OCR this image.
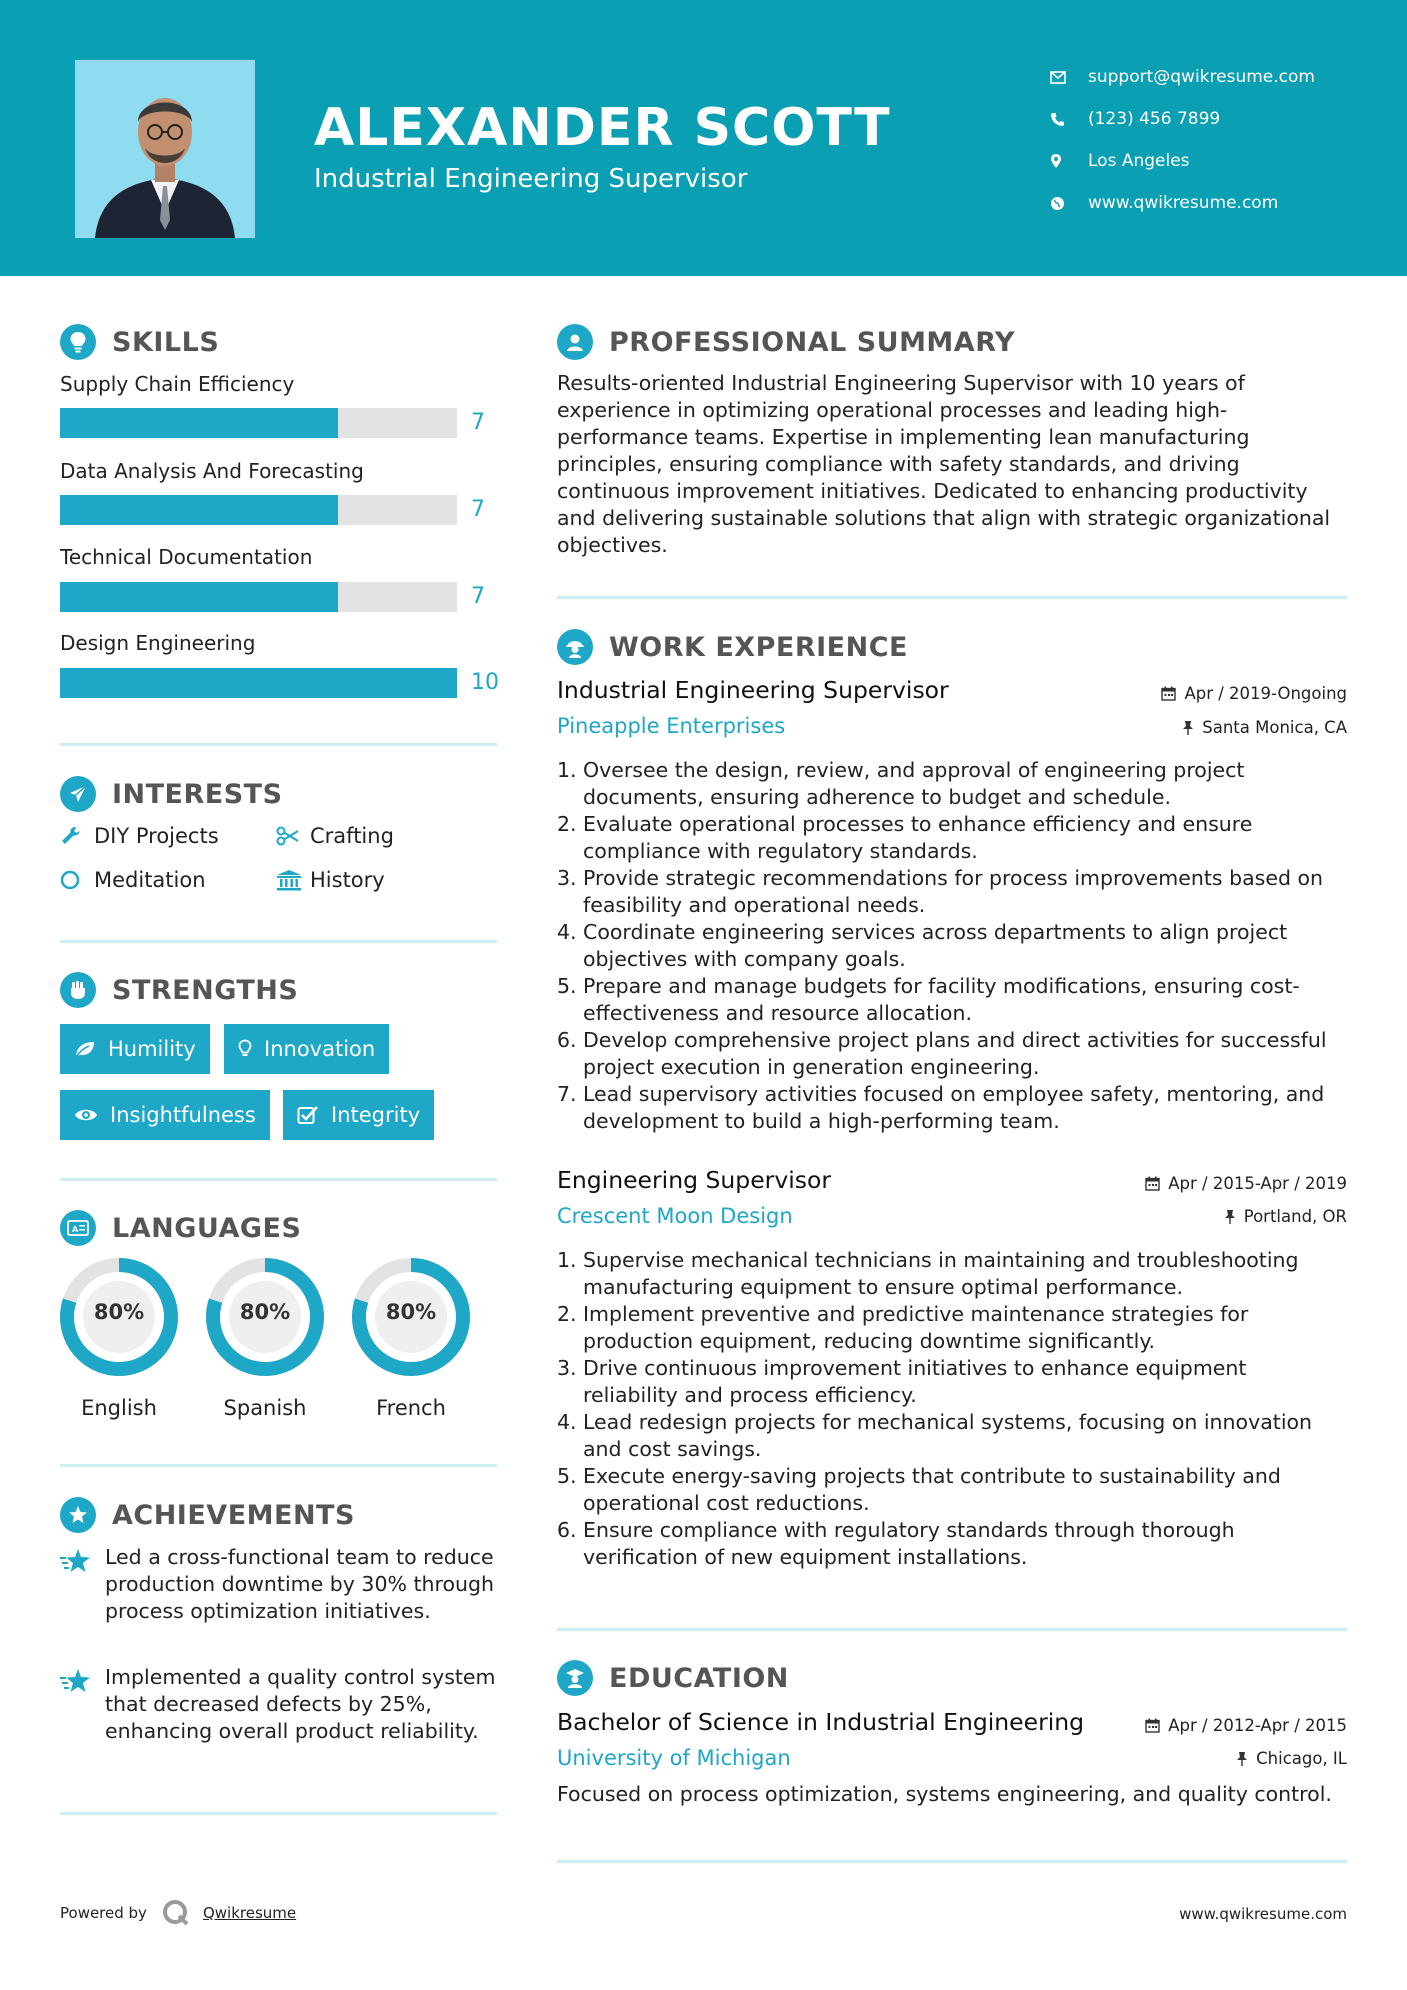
ALEXANDER SCOTT
Industrial Engineering Supervisor
support@qwikresume.com
(123) 456 7899
Los Angeles
www.qwikresume.com
SKILLS
Supply Chain Efficiency
7
Data Analysis And Forecasting
7
Technical Documentation
7
Design Engineering
10
INTERESTS
DIY Projects	Crafting
Meditation	History
STRENGTHS
Humility	Innovation
Insightfulness	Integrity
A LANGUAGES
80%
English
80%
Spanish
80%
French
ACHIEVEMENTS
Led a cross-functional team to reduce production downtime by 30% through process optimization initiatives.
Implemented a quality control system that decreased defects by 25%, enhancing overall product reliability.
PROFESSIONAL SUMMARY
Results-oriented Industrial Engineering Supervisor with 10 years of experience in optimizing operational processes and leading high-performance teams. Expertise in implementing lean manufacturing principles, ensuring compliance with safety standards, and driving continuous improvement initiatives. Dedicated to enhancing productivity and delivering sustainable solutions that align with strategic organizational objectives.
WORK EXPERIENCE
Industrial Engineering Supervisor	Apr / 2019-Ongoing
Pineapple Enterprises	Santa Monica, CA
1. Oversee the design, review, and approval of engineering project documents, ensuring adherence to budget and schedule.
2. Evaluate operational processes to enhance efficiency and ensure compliance with regulatory standards.
3. Provide strategic recommendations for process improvements based on feasibility and operational needs.
4. Coordinate engineering services across departments to align project objectives with company goals.
5. Prepare and manage budgets for facility modifications, ensuring cost-effectiveness and resource allocation.
6. Develop comprehensive project plans and direct activities for successful project execution in generation engineering.
7. Lead supervisory activities focused on employee safety, mentoring, and development to build a high-performing team.
Engineering Supervisor	Apr / 2015-Apr / 2019
Crescent Moon Design	Portland, OR
1. Supervise mechanical technicians in maintaining and troubleshooting manufacturing equipment to ensure optimal performance.
2. Implement preventive and predictive maintenance strategies for production equipment, reducing downtime significantly.
3. Drive continuous improvement initiatives to enhance equipment reliability and process efficiency.
4. Lead redesign projects for mechanical systems, focusing on innovation and cost savings.
5. Execute energy-saving projects that contribute to sustainability and operational cost reductions.
6. Ensure compliance with regulatory standards through thorough verification of new equipment installations.
EDUCATION
Bachelor of Science in Industrial Engineering	Apr / 2012-Apr / 2015
University of Michigan	Chicago, IL
Focused on process optimization, systems engineering, and quality control.
Powered by	Qwikresume	www.qwikresume.com
